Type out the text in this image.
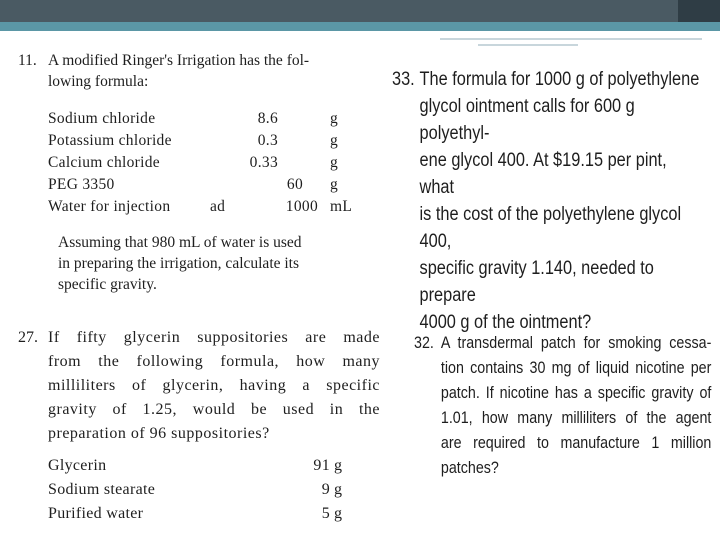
11. A modified Ringer's Irrigation has the fol-
lowing formula:
Sodium chloride	8.6	g
Potassium chloride	0.3	g
Calcium chloride	0.33	g
PEG 3350	60 g
Water for injection	ad	1000 mL
Assuming that 980 mL of water is used
in preparing the irrigation, calculate its
specific gravity.
33. The formula for 1000 g of polyethylene
glycol ointment calls for 600 g polyethyl-
ene glycol 400. At $19.15 per pint, what
is the cost of the polyethylene glycol 400,
specific gravity 1.140, needed to prepare
4000 g of the ointment?
27. If fifty glycerin suppositories are made
from the following formula, how many
milliliters of glycerin, having a specific
gravity of 1.25, would be used in the
preparation of 96 suppositories?
Glycerin	91 g
Sodium stearate	9 g
Purified water	5 g
32. A transdermal patch for smoking cessa-
tion contains 30 mg of liquid nicotine per
patch. If nicotine has a specific gravity of
1.01, how many milliliters of the agent
are required to manufacture 1 million
patches?
